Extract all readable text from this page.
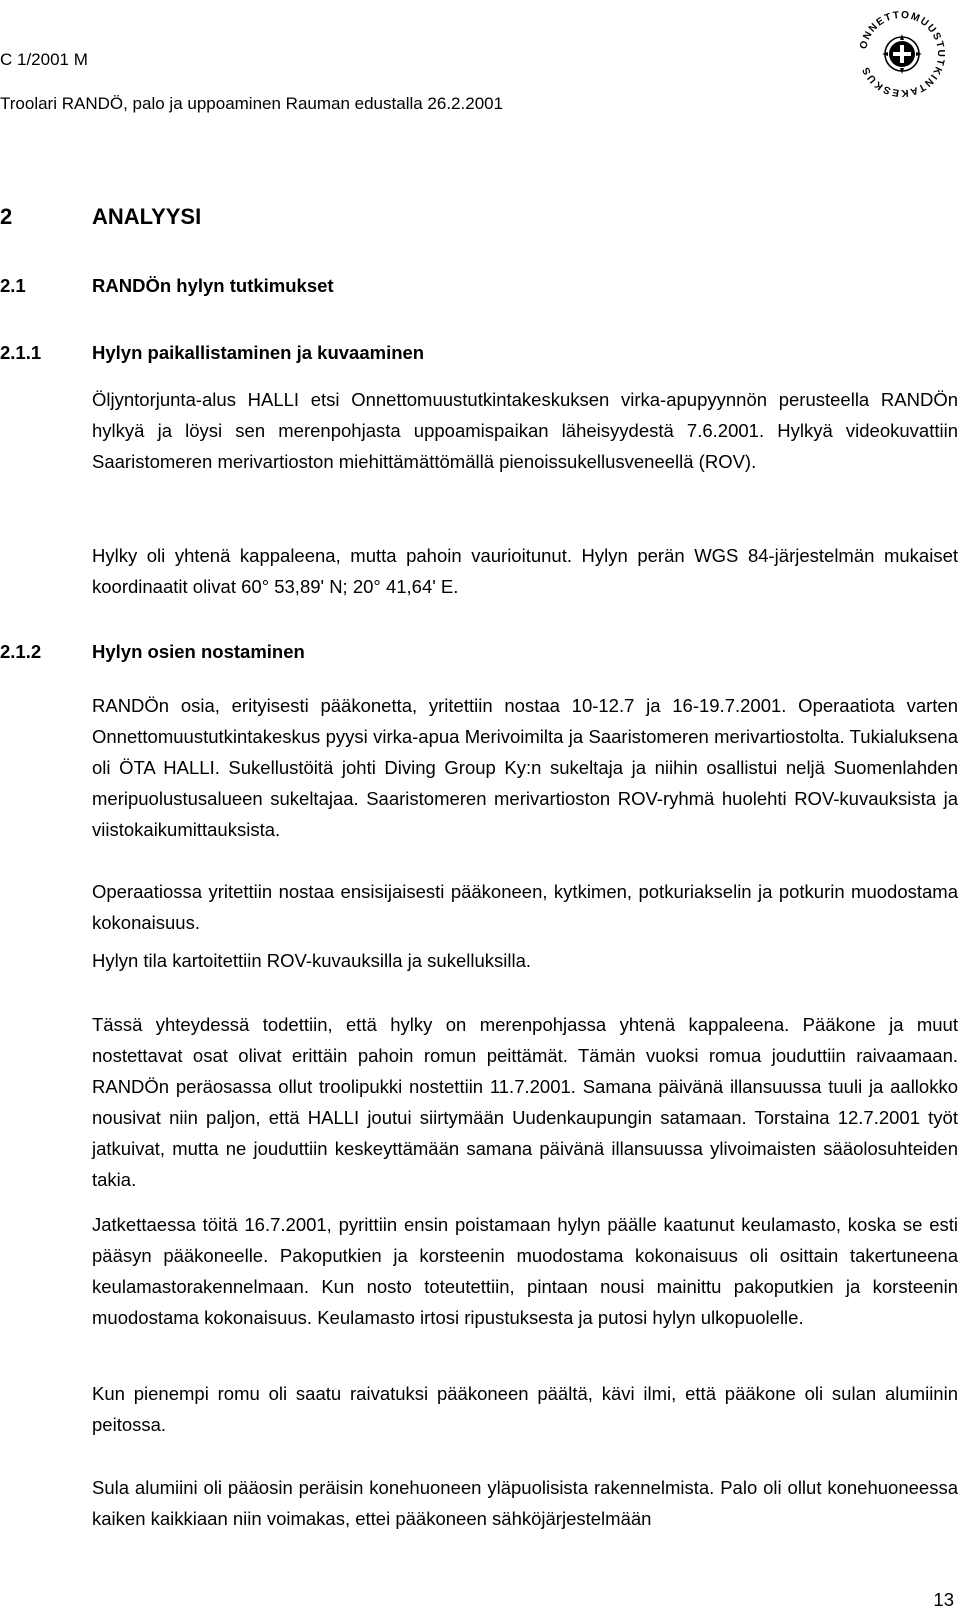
C 1/2001 M
Troolari RANDÖ, palo ja uppoaminen Rauman edustalla 26.2.2001
ONNETTOMUUSTUTKINTAKESKUS
2	ANALYYSI
2.1	RANDÖn hylyn tutkimukset
2.1.1	Hylyn paikallistaminen ja kuvaaminen

Öljyntorjunta-alus HALLI etsi Onnettomuustutkintakeskuksen virka-apupyynnön perusteella RANDÖn hylkyä ja löysi sen merenpohjasta uppoamispaikan läheisyydestä 7.6.2001. Hylkyä videokuvattiin Saaristomeren merivartioston miehittämättömällä pienoissukellusveneellä (ROV).

Hylky oli yhtenä kappaleena, mutta pahoin vaurioitunut. Hylyn perän WGS 84-järjestelmän mukaiset koordinaatit olivat 60° 53,89' N; 20° 41,64' E.

2.1.2	Hylyn osien nostaminen

RANDÖn osia, erityisesti pääkonetta, yritettiin nostaa 10-12.7 ja 16-19.7.2001. Operaatiota varten Onnettomuustutkintakeskus pyysi virka-apua Merivoimilta ja Saaristomeren merivartiostolta. Tukialuksena oli ÖTA HALLI. Sukellustöitä johti Diving Group Ky:n sukeltaja ja niihin osallistui neljä Suomenlahden meripuolustusalueen sukeltajaa. Saaristomeren merivartioston ROV-ryhmä huolehti ROV-kuvauksista ja viistokaikumittauksista.

Operaatiossa yritettiin nostaa ensisijaisesti pääkoneen, kytkimen, potkuriakselin ja potkurin muodostama kokonaisuus.

Hylyn tila kartoitettiin ROV-kuvauksilla ja sukelluksilla.

Tässä yhteydessä todettiin, että hylky on merenpohjassa yhtenä kappaleena. Pääkone ja muut nostettavat osat olivat erittäin pahoin romun peittämät. Tämän vuoksi romua jouduttiin raivaamaan. RANDÖn peräosassa ollut troolipukki nostettiin 11.7.2001. Samana päivänä illansuussa tuuli ja aallokko nousivat niin paljon, että HALLI joutui siirtymään Uudenkaupungin satamaan. Torstaina 12.7.2001 työt jatkuivat, mutta ne jouduttiin keskeyttämään samana päivänä illansuussa ylivoimaisten sääolosuhteiden takia.

Jatkettaessa töitä 16.7.2001, pyrittiin ensin poistamaan hylyn päälle kaatunut keulamasto, koska se esti pääsyn pääkoneelle. Pakoputkien ja korsteenin muodostama kokonaisuus oli osittain takertuneena keulamastorakennelmaan. Kun nosto toteutettiin, pintaan nousi mainittu pakoputkien ja korsteenin muodostama kokonaisuus. Keulamasto irtosi ripustuksesta ja putosi hylyn ulkopuolelle.

Kun pienempi romu oli saatu raivatuksi pääkoneen päältä, kävi ilmi, että pääkone oli sulan alumiinin peitossa.

Sula alumiini oli pääosin peräisin konehuoneen yläpuolisista rakennelmista. Palo oli ollut konehuoneessa kaiken kaikkiaan niin voimakas, ettei pääkoneen sähköjärjestelmään

13
